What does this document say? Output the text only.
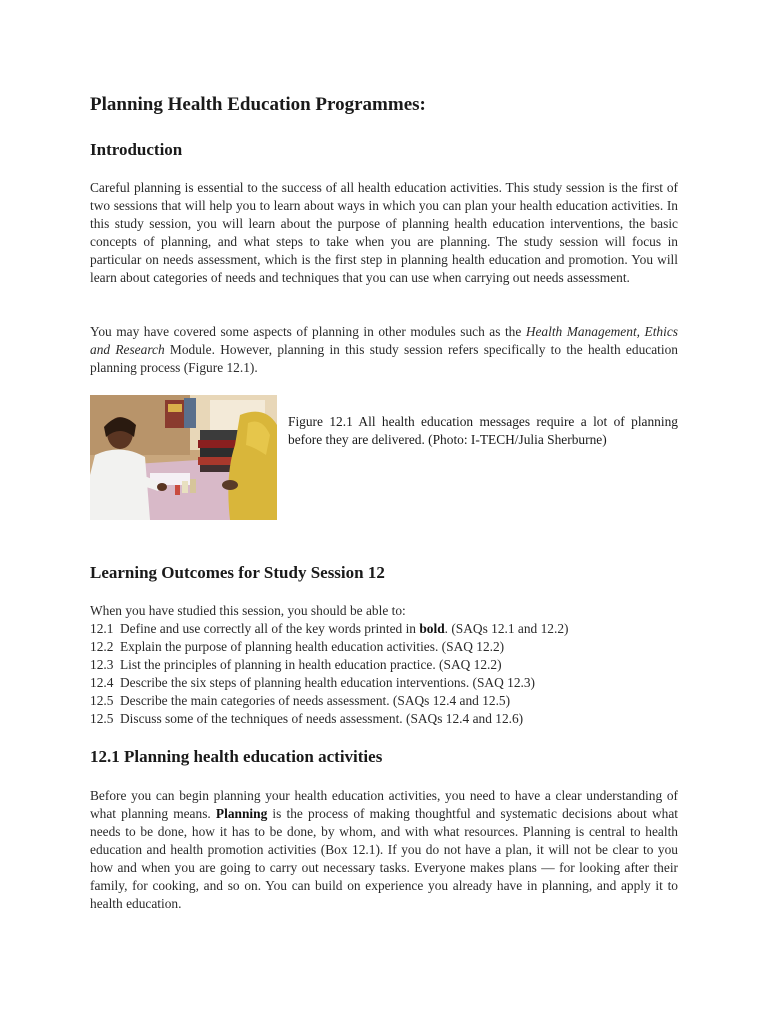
Planning Health Education Programmes:
Introduction

Careful planning is essential to the success of all health education activities. This study session is the first of two sessions that will help you to learn about ways in which you can plan your health education activities. In this study session, you will learn about the purpose of planning health education interventions, the basic concepts of planning, and what steps to take when you are planning. The study session will focus in particular on needs assessment, which is the first step in planning health education and promotion. You will learn about categories of needs and techniques that you can use when carrying out needs assessment.

You may have covered some aspects of planning in other modules such as the Health Management, Ethics and Research Module. However, planning in this study session refers specifically to the health education planning process (Figure 12.1).

Figure 12.1 All health education messages require a lot of planning before they are delivered. (Photo: I-TECH/Julia Sherburne)

Learning Outcomes for Study Session 12
When you have studied this session, you should be able to:
12.1 Define and use correctly all of the key words printed in bold. (SAQs 12.1 and 12.2)
12.2 Explain the purpose of planning health education activities. (SAQ 12.2)
12.3 List the principles of planning in health education practice. (SAQ 12.2)
12.4 Describe the six steps of planning health education interventions. (SAQ 12.3)
12.5 Describe the main categories of needs assessment. (SAQs 12.4 and 12.5)
12.5 Discuss some of the techniques of needs assessment. (SAQs 12.4 and 12.6)
12.1 Planning health education activities

Before you can begin planning your health education activities, you need to have a clear understanding of what planning means. Planning is the process of making thoughtful and systematic decisions about what needs to be done, how it has to be done, by whom, and with what resources. Planning is central to health education and health promotion activities (Box 12.1). If you do not have a plan, it will not be clear to you how and when you are going to carry out necessary tasks. Everyone makes plans — for looking after their family, for cooking, and so on. You can build on experience you already have in planning, and apply it to health education.
